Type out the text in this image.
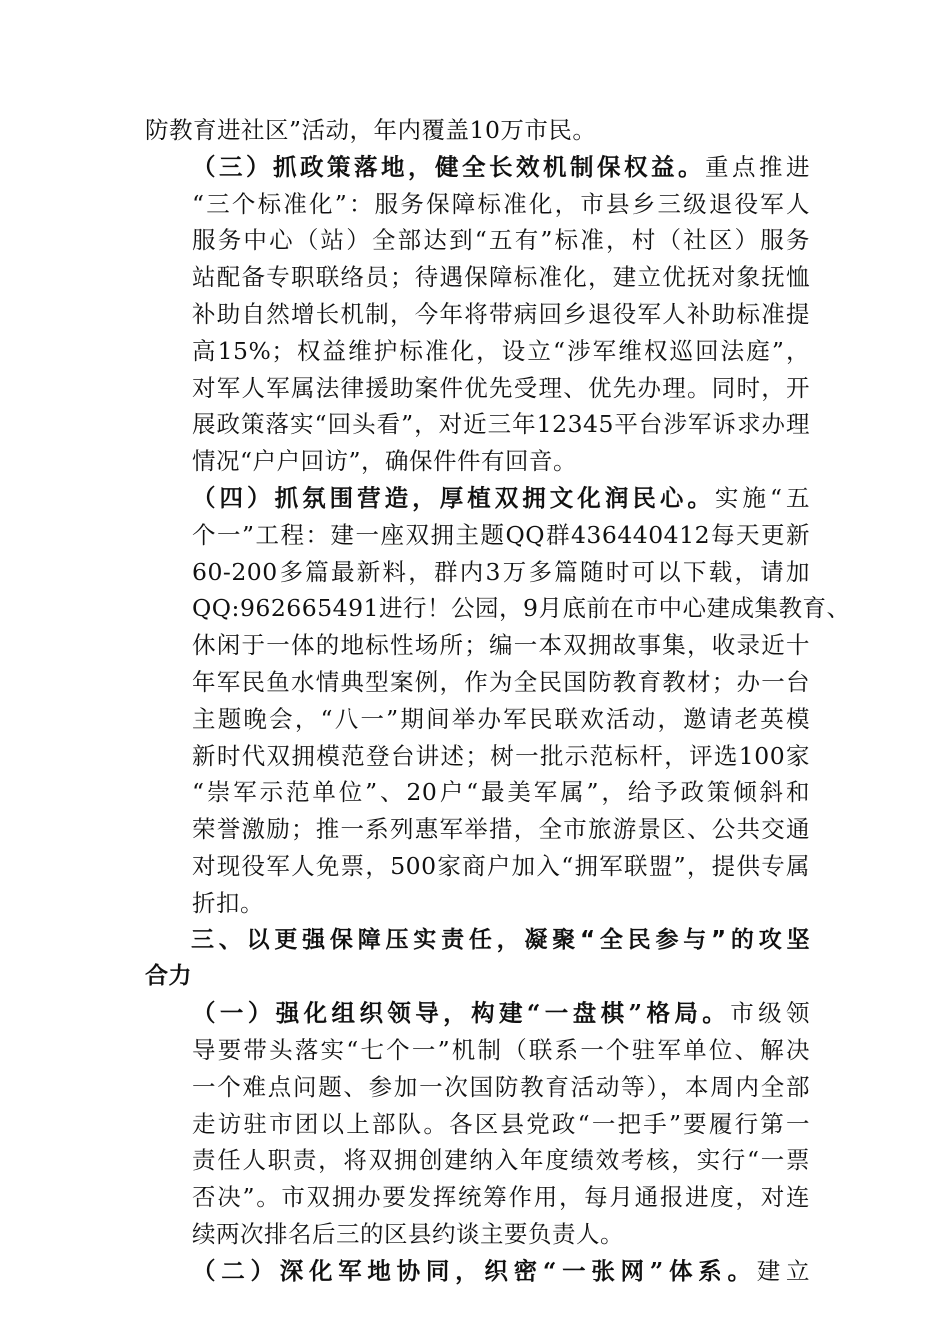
防教育进社区”活动，年内覆盖10万市民。

（三）抓政策落地，健全长效机制保权益。重点推进
“三个标准化”：服务保障标准化，市县乡三级退役军人
服务中心（站）全部达到“五有”标准，村（社区）服务
站配备专职联络员；待遇保障标准化，建立优抚对象抚恤
补助自然增长机制，今年将带病回乡退役军人补助标准提
高15%；权益维护标准化，设立“涉军维权巡回法庭”，
对军人军属法律援助案件优先受理、优先办理。同时，开
展政策落实“回头看”，对近三年12345平台涉军诉求办理
情况“户户回访”，确保件件有回音。

（四）抓氛围营造，厚植双拥文化润民心。实施“五
个一”工程：建一座双拥主题QQ群436440412每天更新
60-200多篇最新料，群内3万多篇随时可以下载，请加
QQ:962665491进行！公园，9月底前在市中心建成集教育、
休闲于一体的地标性场所；编一本双拥故事集，收录近十
年军民鱼水情典型案例，作为全民国防教育教材；办一台
主题晚会，“八一”期间举办军民联欢活动，邀请老英模
新时代双拥模范登台讲述；树一批示范标杆，评选100家
“崇军示范单位”、20户“最美军属”，给予政策倾斜和
荣誉激励；推一系列惠军举措，全市旅游景区、公共交通
对现役军人免票，500家商户加入“拥军联盟”，提供专属
折扣。

三、以更强保障压实责任，凝聚“全民参与”的攻坚
合力

（一）强化组织领导，构建“一盘棋”格局。市级领
导要带头落实“七个一”机制（联系一个驻军单位、解决
一个难点问题、参加一次国防教育活动等），本周内全部
走访驻市团以上部队。各区县党政“一把手”要履行第一
责任人职责，将双拥创建纳入年度绩效考核，实行“一票
否决”。市双拥办要发挥统筹作用，每月通报进度，对连
续两次排名后三的区县约谈主要负责人。

（二）深化军地协同，织密“一张网”体系。建立
